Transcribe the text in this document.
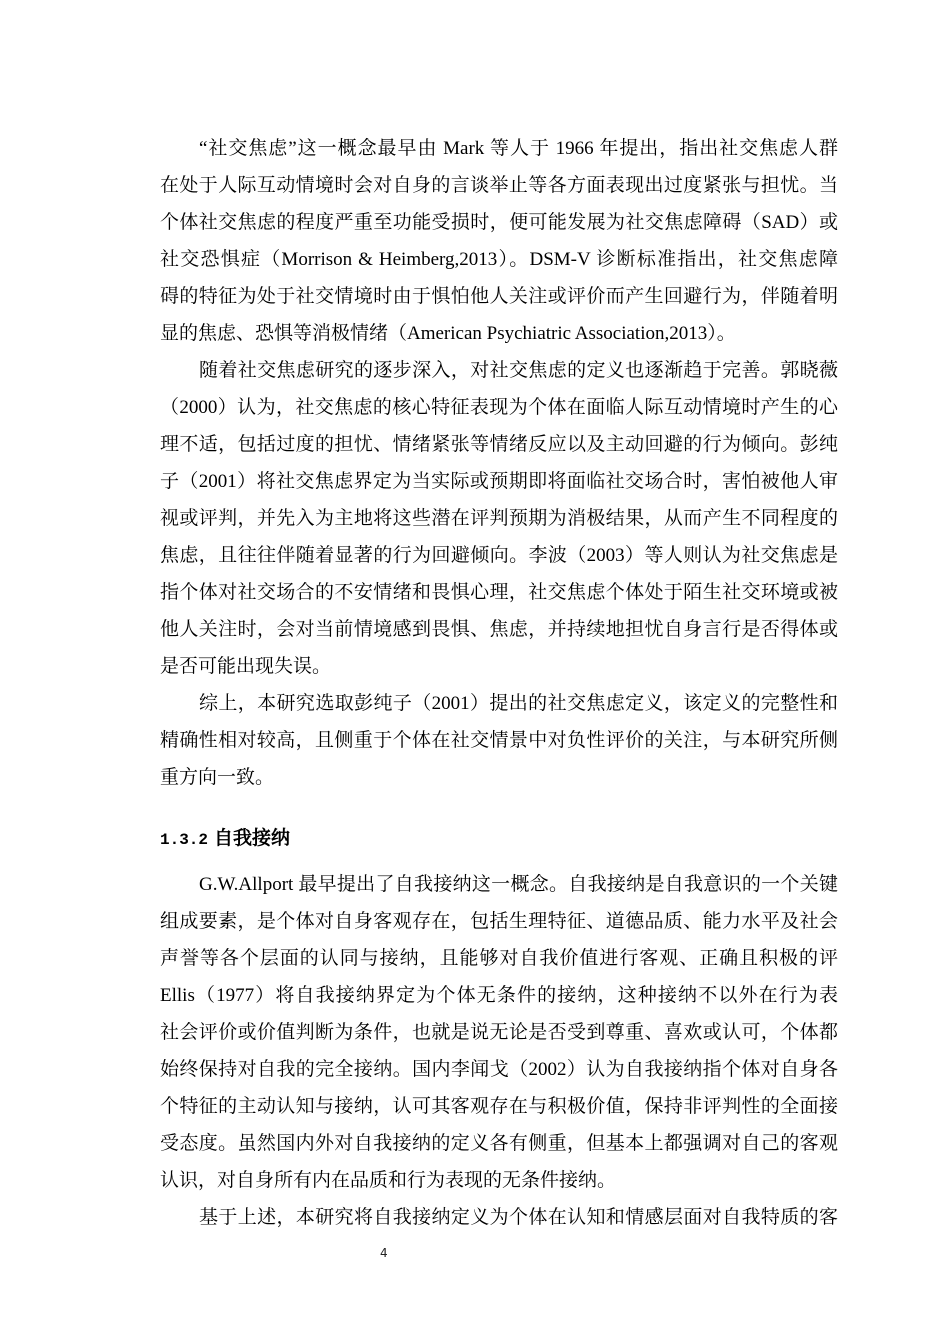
“社交焦虑”这一概念最早由 Mark 等人于 1966 年提出，指出社交焦虑人群
在处于人际互动情境时会对自身的言谈举止等各方面表现出过度紧张与担忧。当
个体社交焦虑的程度严重至功能受损时，便可能发展为社交焦虑障碍（SAD）或
社交恐惧症（Morrison & Heimberg,2013）。DSM-V 诊断标准指出，社交焦虑障
碍的特征为处于社交情境时由于惧怕他人关注或评价而产生回避行为，伴随着明
显的焦虑、恐惧等消极情绪（American Psychiatric Association,2013）。
随着社交焦虑研究的逐步深入，对社交焦虑的定义也逐渐趋于完善。郭晓薇
（2000）认为，社交焦虑的核心特征表现为个体在面临人际互动情境时产生的心
理不适，包括过度的担忧、情绪紧张等情绪反应以及主动回避的行为倾向。彭纯
子（2001）将社交焦虑界定为当实际或预期即将面临社交场合时，害怕被他人审
视或评判，并先入为主地将这些潜在评判预期为消极结果，从而产生不同程度的
焦虑，且往往伴随着显著的行为回避倾向。李波（2003）等人则认为社交焦虑是
指个体对社交场合的不安情绪和畏惧心理，社交焦虑个体处于陌生社交环境或被
他人关注时，会对当前情境感到畏惧、焦虑，并持续地担忧自身言行是否得体或
是否可能出现失误。
综上，本研究选取彭纯子（2001）提出的社交焦虑定义，该定义的完整性和
精确性相对较高，且侧重于个体在社交情景中对负性评价的关注，与本研究所侧
重方向一致。
1.3.2 自我接纳
G.W.Allport 最早提出了自我接纳这一概念。自我接纳是自我意识的一个关键
组成要素，是个体对自身客观存在，包括生理特征、道德品质、能力水平及社会
声誉等各个层面的认同与接纳，且能够对自我价值进行客观、正确且积极的评
Ellis（1977）将自我接纳界定为个体无条件的接纳，这种接纳不以外在行为表
社会评价或价值判断为条件，也就是说无论是否受到尊重、喜欢或认可，个体都
始终保持对自我的完全接纳。国内李闻戈（2002）认为自我接纳指个体对自身各
个特征的主动认知与接纳，认可其客观存在与积极价值，保持非评判性的全面接
受态度。虽然国内外对自我接纳的定义各有侧重，但基本上都强调对自己的客观
认识，对自身所有内在品质和行为表现的无条件接纳。
基于上述，本研究将自我接纳定义为个体在认知和情感层面对自我特质的客
4
